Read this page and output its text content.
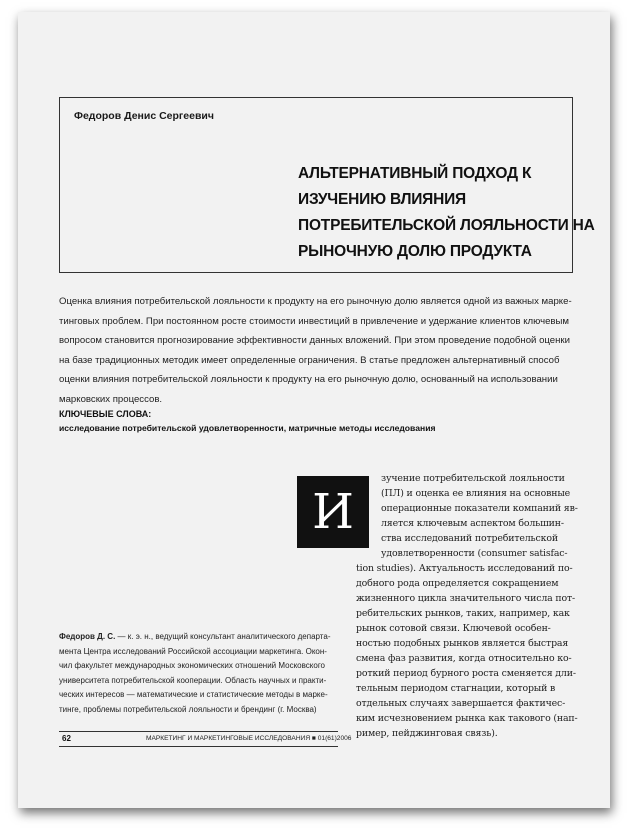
Федоров Денис Сергеевич
АЛЬТЕРНАТИВНЫЙ ПОДХОД К
ИЗУЧЕНИЮ ВЛИЯНИЯ
ПОТРЕБИТЕЛЬСКОЙ ЛОЯЛЬНОСТИ НА
РЫНОЧНУЮ ДОЛЮ ПРОДУКТА
Оценка влияния потребительской лояльности к продукту на его рыночную долю является одной из важных марке-
тинговых проблем. При постоянном росте стоимости инвестиций в привлечение и удержание клиентов ключевым
вопросом становится прогнозирование эффективности данных вложений. При этом проведение подобной оценки
на базе традиционных методик имеет определенные ограничения. В статье предложен альтернативный способ
оценки влияния потребительской лояльности к продукту на его рыночную долю, основанный на использовании
марковских процессов.
КЛЮЧЕВЫЕ СЛОВА:
исследование потребительской удовлетворенности, матричные методы исследования
И
зучение потребительской лояльности
(ПЛ) и оценка ее влияния на основные
операционные показатели компаний яв-
ляется ключевым аспектом большин-
ства исследований потребительской
удовлетворенности (consumer satisfac-
tion studies). Актуальность исследований по-
добного рода определяется сокращением
жизненного цикла значительного числа пот-
ребительских рынков, таких, например, как
рынок сотовой связи. Ключевой особен-
ностью подобных рынков является быстрая
смена фаз развития, когда относительно ко-
роткий период бурного роста сменяется дли-
тельным периодом стагнации, который в
отдельных случаях завершается фактичес-
ким исчезновением рынка как такового (нап-
ример, пейджинговая связь).
Федоров Д. С. — к. э. н., ведущий консультант аналитического департа-
мента Центра исследований Российской ассоциации маркетинга. Окон-
чил факультет международных экономических отношений Московского
университета потребительской кооперации. Область научных и практи-
ческих интересов — математические и статистические методы в марке-
тинге, проблемы потребительской лояльности и брендинг (г. Москва)
62	МАРКЕТИНГ И МАРКЕТИНГОВЫЕ ИССЛЕДОВАНИЯ ■ 01(61)2006
